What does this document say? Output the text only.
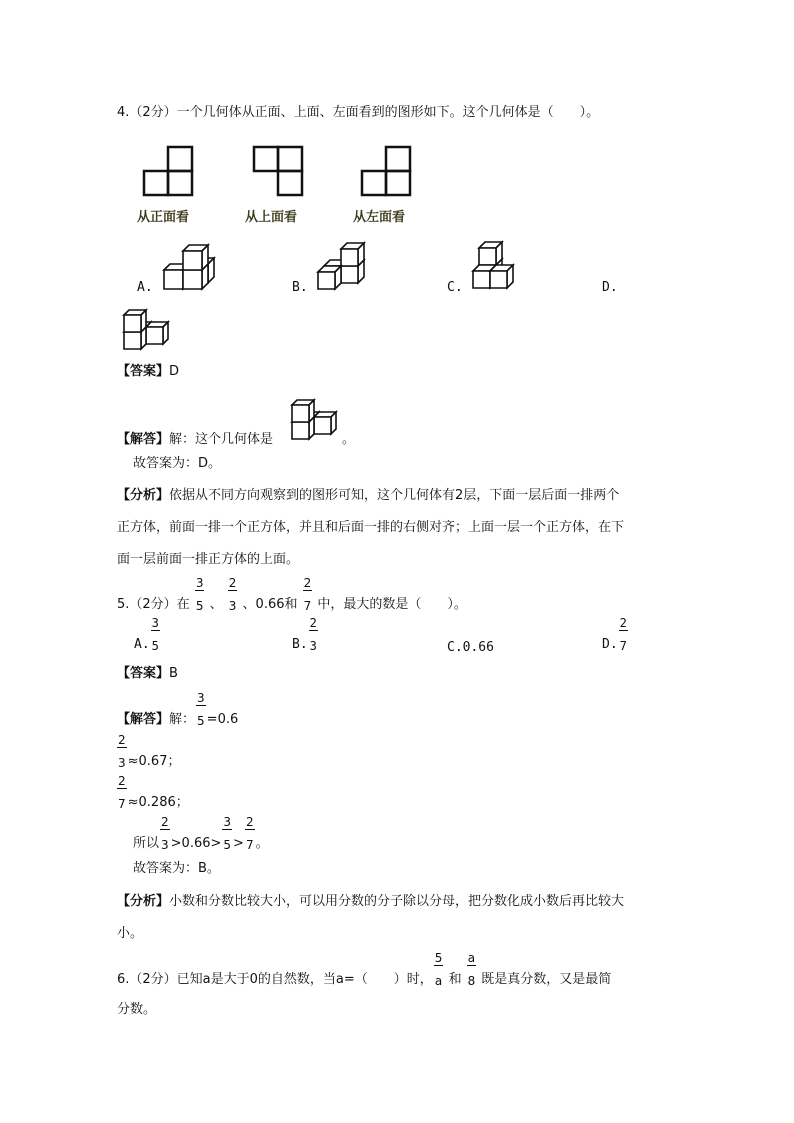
4.（2分）一个几何体从正面、上面、左面看到的图形如下。这个几何体是（　　）。
从正面看	从上面看	从左面看
A.	B.	C.	D.
【答案】D
【解答】解：这个几何体是	。
故答案为：D。
【分析】依据从不同方向观察到的图形可知，这个几何体有2层，下面一层后面一排两个
正方体，前面一排一个正方体，并且和后面一排的右侧对齐；上面一层一个正方体，在下
面一层前面一排正方体的上面。
5.（2分）在 $\frac{3}{5}$ 、 $\frac{2}{3}$ 、0.66和 $\frac{2}{7}$ 中，最大的数是（　　）。
A. $\frac{3}{5}$	B. $\frac{2}{3}$	C.0.66	D. $\frac{2}{7}$
【答案】B
【解答】解： $\frac{3}{5} =0.6$
$\frac{2}{3} \approx 0.67$；
$\frac{2}{7} \approx 0.286$；
所以 $\frac{2}{3} >0.66> \frac{3}{5} > \frac{2}{7}$ 。
故答案为：B。
【分析】小数和分数比较大小，可以用分数的分子除以分母，把分数化成小数后再比较大
小。
6.（2分）已知a是大于0的自然数，当a=（　　）时， $\frac{5}{a}$ 和 $\frac{a}{8}$ 既是真分数，又是最简
分数。
